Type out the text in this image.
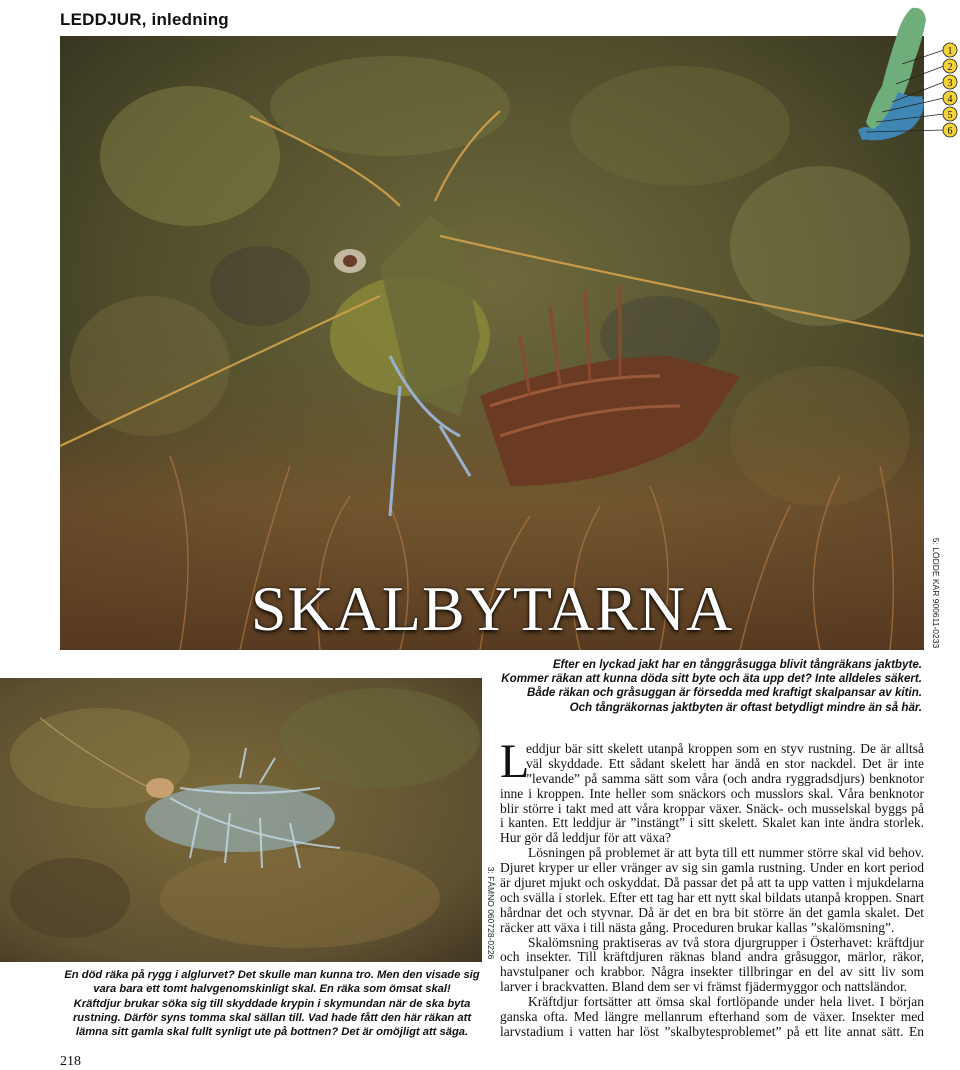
LEDDJUR, inledning
SKALBYTARNA	5: LÖDDE KAR 900611-0233
1
2
3
4
5
6
Efter en lyckad jakt har en tånggråsugga blivit tångräkans jaktbyte.
Kommer räkan att kunna döda sitt byte och äta upp det? Inte alldeles säkert.
Både räkan och gråsuggan är försedda med kraftigt skalpansar av kitin.
Och tångräkornas jaktbyten är oftast betydligt mindre än så här.
3: FÅMNO 060728-0226
En död räka på rygg i alglurvet? Det skulle man kunna tro. Men den visade sig
vara bara ett tomt halvgenomskinligt skal. En räka som ömsat skal!
Kräftdjur brukar söka sig till skyddade krypin i skymundan när de ska byta
rustning. Därför syns tomma skal sällan till. Vad hade fått den här räkan att
lämna sitt gamla skal fullt synligt ute på bottnen? Det är omöjligt att säga.
L
eddjur bär sitt skelett utanpå kroppen som en styv rustning. De är alltså
väl skyddade. Ett sådant skelett har ändå en stor nackdel. Det är inte
”levande” på samma sätt som våra (och andra ryggradsdjurs) benknotor
inne i kroppen. Inte heller som snäckors och musslors skal. Våra benknotor
blir större i takt med att våra kroppar växer. Snäck- och musselskal byggs på
i kanten. Ett leddjur är ”instängt” i sitt skelett. Skalet kan inte ändra storlek.
Hur gör då leddjur för att växa?
Lösningen på problemet är att byta till ett nummer större skal vid behov.
Djuret kryper ur eller vränger av sig sin gamla rustning. Under en kort period
är djuret mjukt och oskyddat. Då passar det på att ta upp vatten i mjukdelarna
och svälla i storlek. Efter ett tag har ett nytt skal bildats utanpå kroppen. Snart
hårdnar det och styvnar. Då är det en bra bit större än det gamla skalet. Det
räcker att växa i till nästa gång. Proceduren brukar kallas ”skalömsning”.
Skalömsning praktiseras av två stora djurgrupper i Österhavet: kräftdjur
och insekter. Till kräftdjuren räknas bland andra gråsuggor, märlor, räkor,
havstulpaner och krabbor. Några insekter tillbringar en del av sitt liv som
larver i brackvatten. Bland dem ser vi främst fjädermyggor och nattsländor.
Kräftdjur fortsätter att ömsa skal fortlöpande under hela livet. I början
ganska ofta. Med längre mellanrum efterhand som de växer. Insekter med
larvstadium i vatten har löst ”skalbytesproblemet” på ett lite annat sätt. En
218
